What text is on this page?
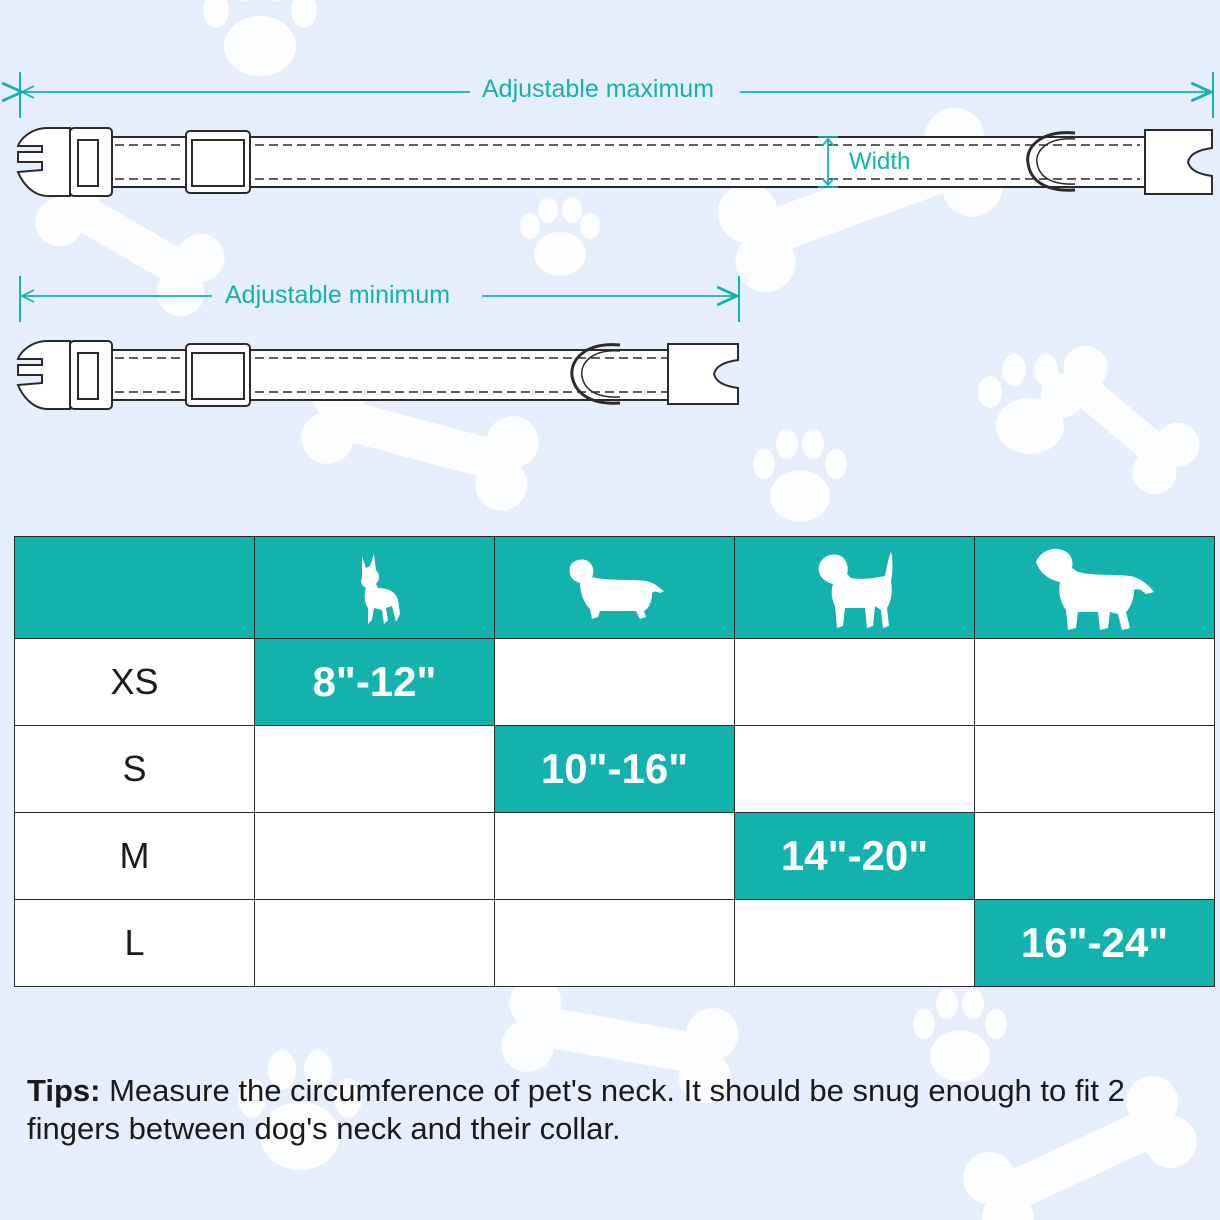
Adjustable maximum
Adjustable minimum
Width

XS	8"-12"			
S		10"-16"		
M			14"-20"	
L				16"-24"
Tips: Measure the circumference of pet's neck. It should be snug enough to fit 2 fingers between dog's neck and their collar.
